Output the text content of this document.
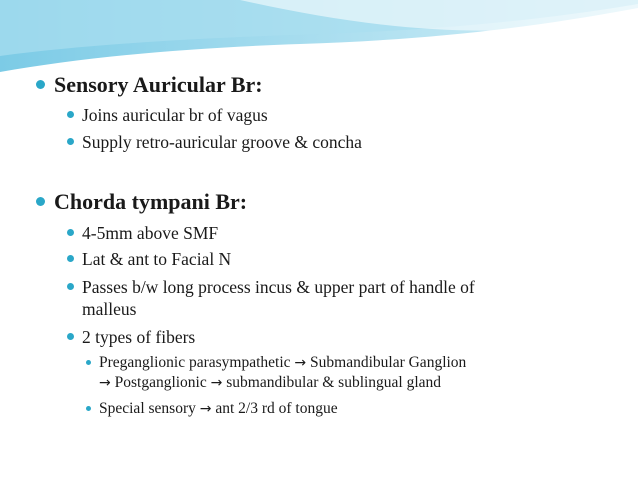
Sensory Auricular Br:
Joins auricular br of vagus
Supply retro-auricular groove & concha
Chorda tympani Br:
4-5mm above SMF
Lat & ant to Facial N
Passes b/w long process incus & upper part of handle of
malleus
2 types of fibers
Preganglionic parasympathetic → Submandibular Ganglion
→ Postganglionic → submandibular & sublingual gland
Special sensory → ant 2/3 rd of tongue
